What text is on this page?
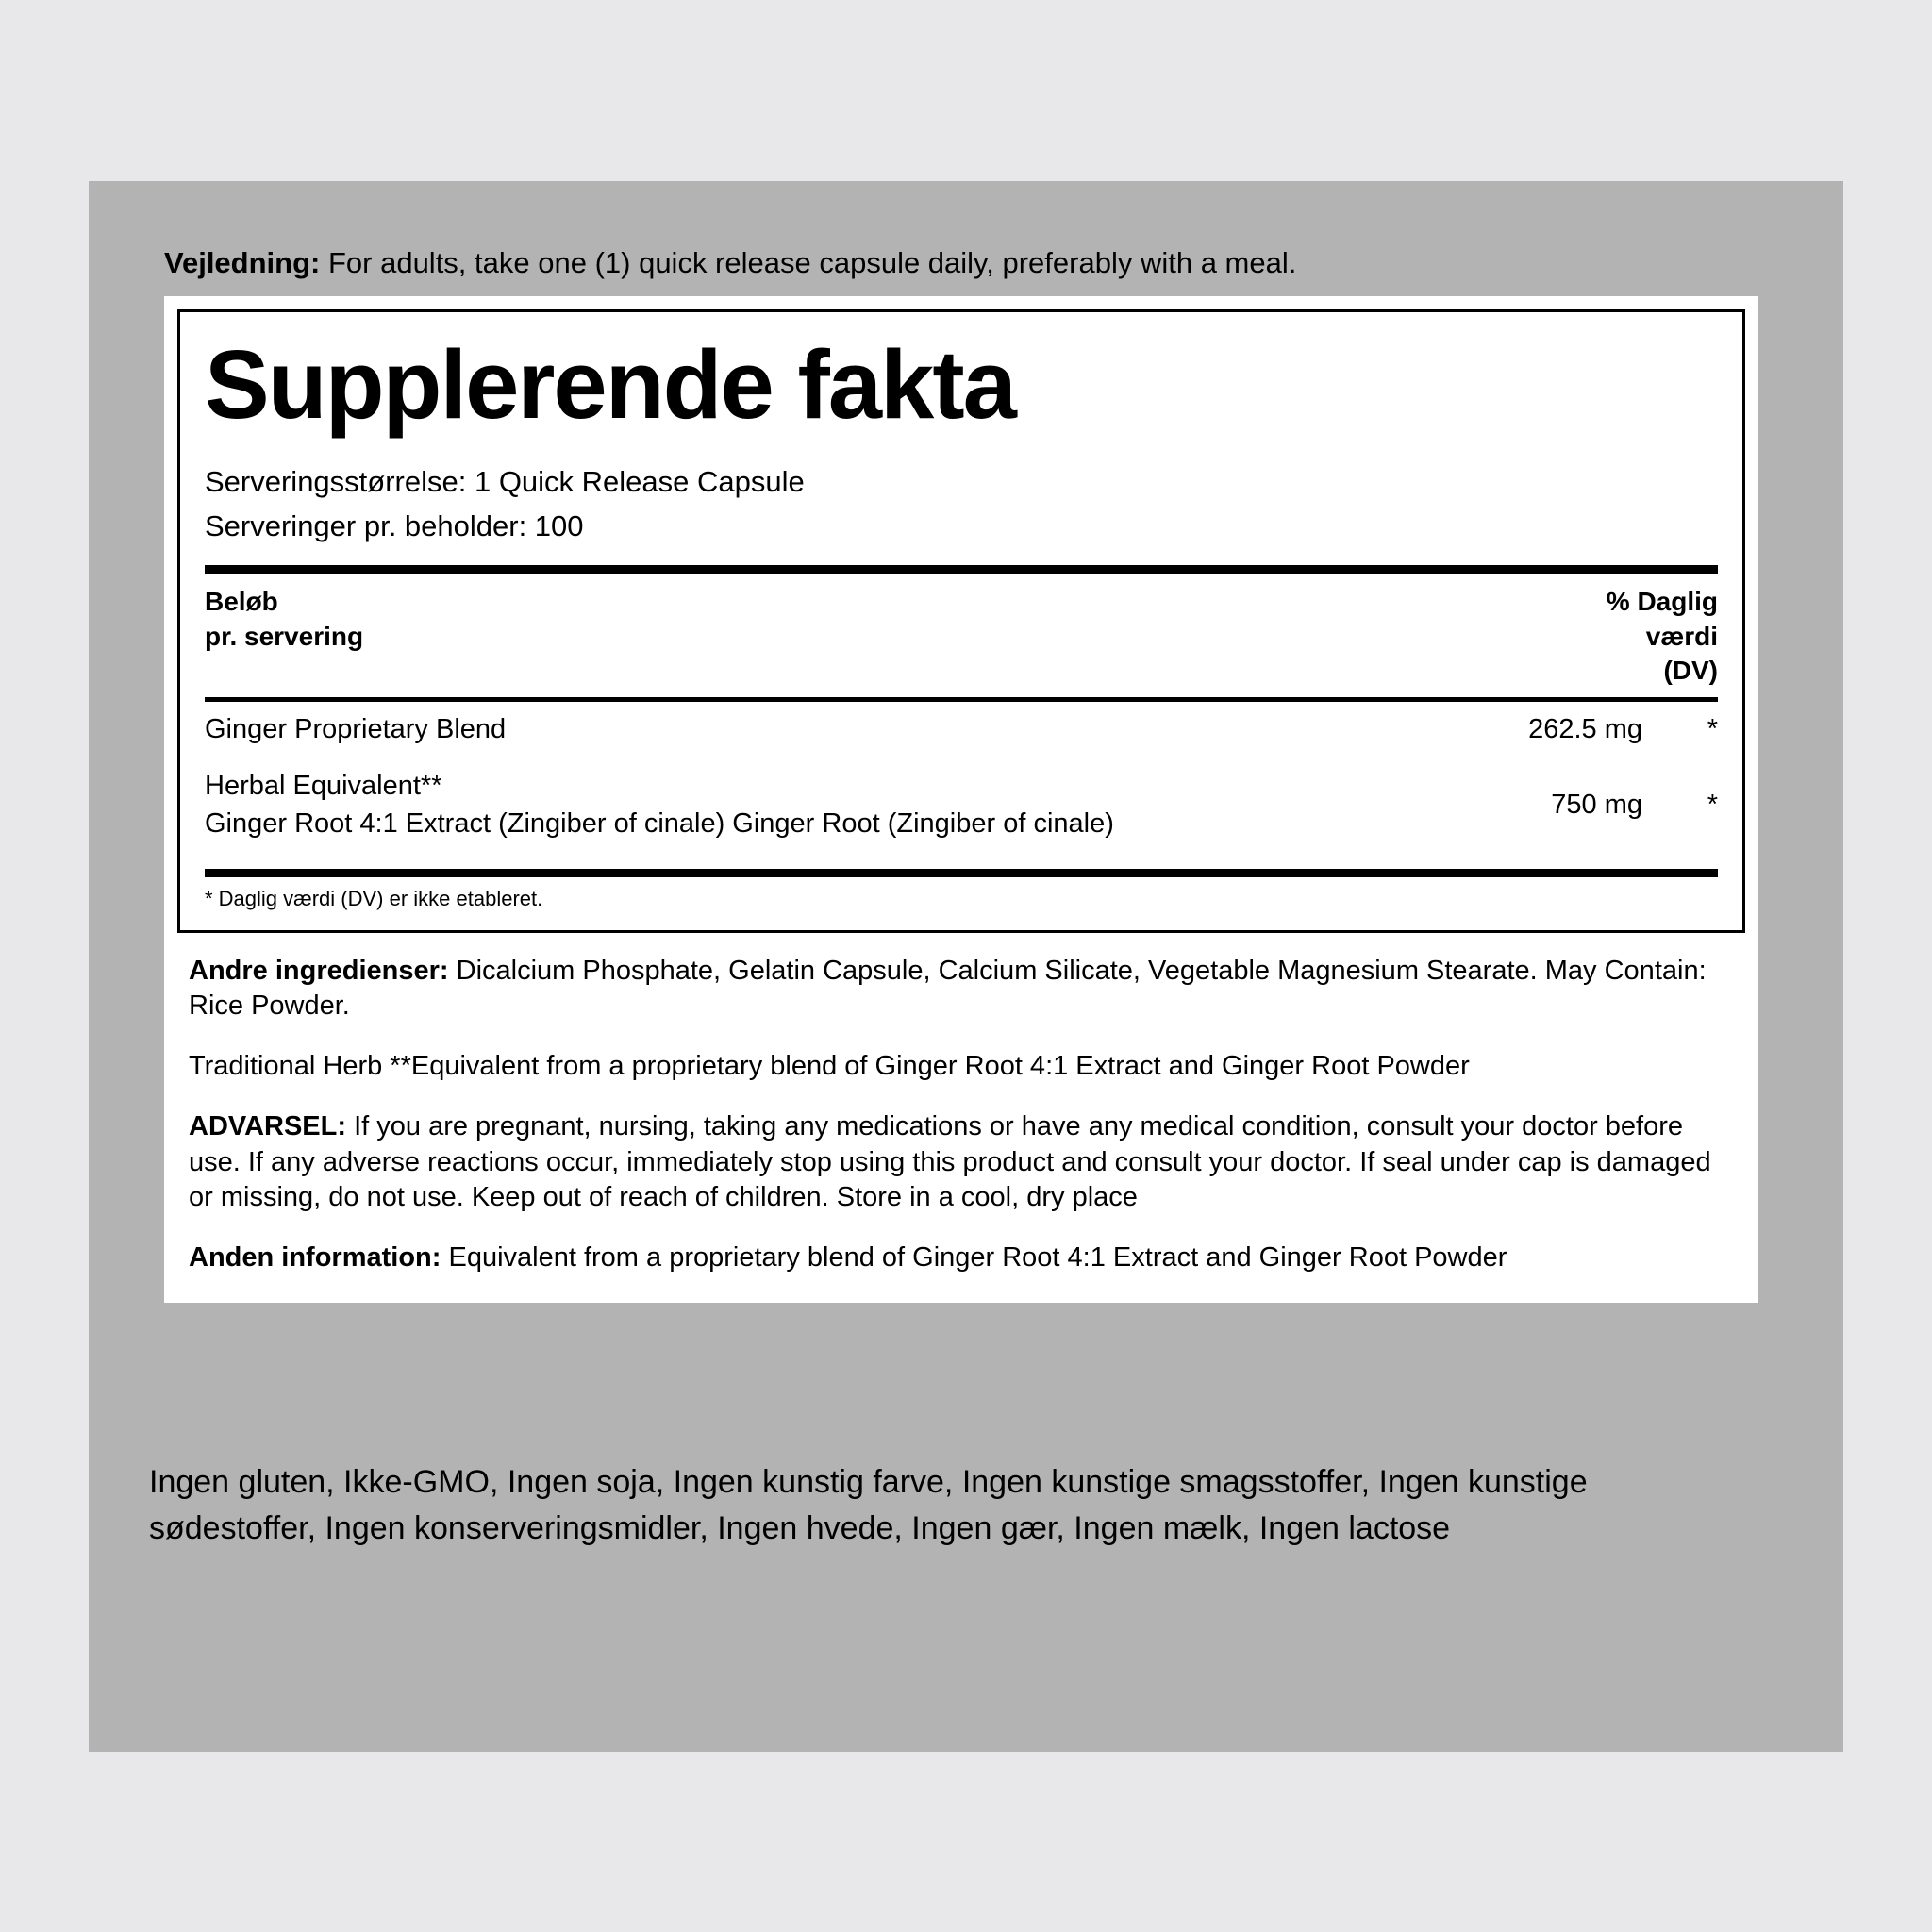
Vejledning: For adults, take one (1) quick release capsule daily, preferably with a meal.
Supplerende fakta
Serveringsstørrelse: 1 Quick Release Capsule
Serveringer pr. beholder: 100
Beløb
pr. servering
% Daglig
værdi
(DV)
Ginger Proprietary Blend	262.5 mg	*
Herbal Equivalent**
Ginger Root 4:1 Extract (Zingiber of cinale) Ginger Root (Zingiber of cinale)
750 mg	*
* Daglig værdi (DV) er ikke etableret.

Andre ingredienser: Dicalcium Phosphate, Gelatin Capsule, Calcium Silicate, Vegetable Magnesium Stearate. May Contain: Rice Powder.

Traditional Herb **Equivalent from a proprietary blend of Ginger Root 4:1 Extract and Ginger Root Powder

ADVARSEL: If you are pregnant, nursing, taking any medications or have any medical condition, consult your doctor before use. If any adverse reactions occur, immediately stop using this product and consult your doctor. If seal under cap is damaged or missing, do not use. Keep out of reach of children. Store in a cool, dry place

Anden information: Equivalent from a proprietary blend of Ginger Root 4:1 Extract and Ginger Root Powder

Ingen gluten, Ikke-GMO, Ingen soja, Ingen kunstig farve, Ingen kunstige smagsstoffer, Ingen kunstige sødestoffer, Ingen konserveringsmidler, Ingen hvede, Ingen gær, Ingen mælk, Ingen lactose
